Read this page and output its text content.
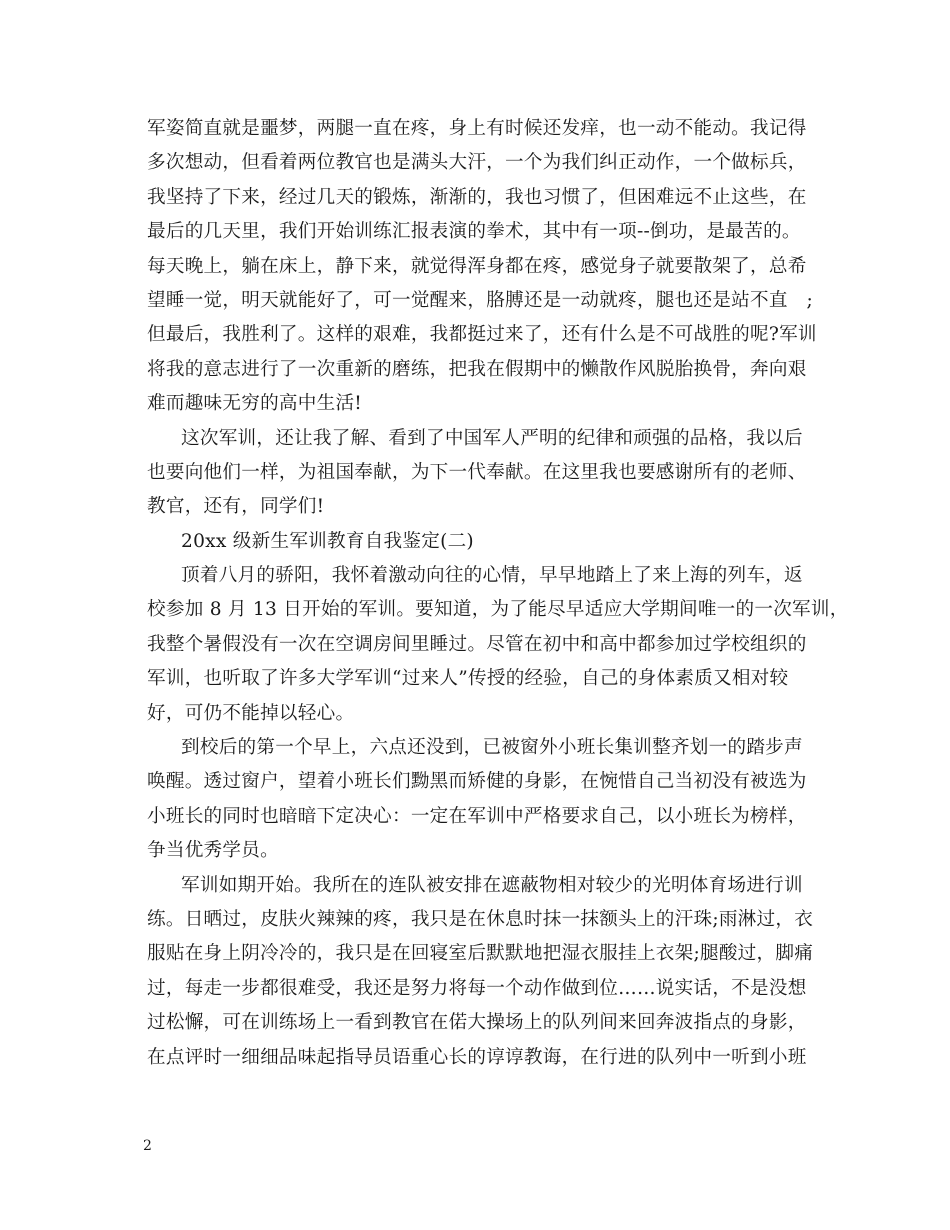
军姿简直就是噩梦，两腿一直在疼，身上有时候还发痒，也一动不能动。我记得
多次想动，但看着两位教官也是满头大汗，一个为我们纠正动作，一个做标兵，
我坚持了下来，经过几天的锻炼，渐渐的，我也习惯了，但困难远不止这些，在
最后的几天里，我们开始训练汇报表演的拳术，其中有一项--倒功，是最苦的。
每天晚上，躺在床上，静下来，就觉得浑身都在疼，感觉身子就要散架了，总希
望睡一觉，明天就能好了，可一觉醒来，胳膊还是一动就疼，腿也还是站不直　;
但最后，我胜利了。这样的艰难，我都挺过来了，还有什么是不可战胜的呢?军训
将我的意志进行了一次重新的磨练，把我在假期中的懒散作风脱胎换骨，奔向艰
难而趣味无穷的高中生活!
这次军训，还让我了解、看到了中国军人严明的纪律和顽强的品格，我以后
也要向他们一样，为祖国奉献，为下一代奉献。在这里我也要感谢所有的老师、
教官，还有，同学们!
20xx 级新生军训教育自我鉴定(二)
顶着八月的骄阳，我怀着激动向往的心情，早早地踏上了来上海的列车，返
校参加 8 月 13 日开始的军训。要知道，为了能尽早适应大学期间唯一的一次军训，
我整个暑假没有一次在空调房间里睡过。尽管在初中和高中都参加过学校组织的
军训，也听取了许多大学军训“过来人”传授的经验，自己的身体素质又相对较
好，可仍不能掉以轻心。
到校后的第一个早上，六点还没到，已被窗外小班长集训整齐划一的踏步声
唤醒。透过窗户，望着小班长们黝黑而矫健的身影，在惋惜自己当初没有被选为
小班长的同时也暗暗下定决心：一定在军训中严格要求自己，以小班长为榜样，
争当优秀学员。
军训如期开始。我所在的连队被安排在遮蔽物相对较少的光明体育场进行训
练。日晒过，皮肤火辣辣的疼，我只是在休息时抹一抹额头上的汗珠;雨淋过，衣
服贴在身上阴冷冷的，我只是在回寝室后默默地把湿衣服挂上衣架;腿酸过，脚痛
过，每走一步都很难受，我还是努力将每一个动作做到位……说实话，不是没想
过松懈，可在训练场上一看到教官在偌大操场上的队列间来回奔波指点的身影，
在点评时一细细品味起指导员语重心长的谆谆教诲，在行进的队列中一听到小班
2
